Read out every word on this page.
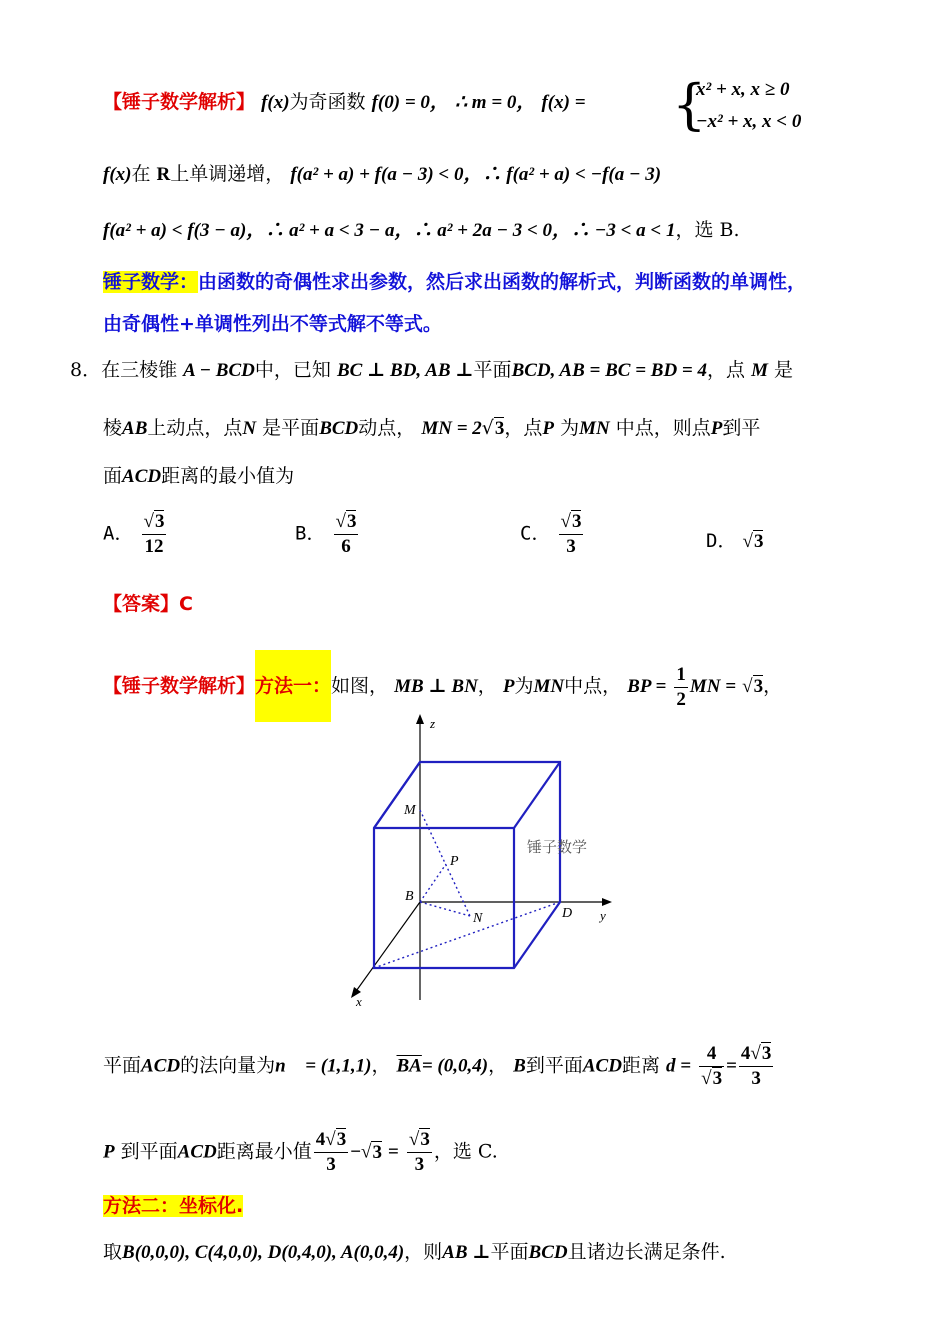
【锤子数学解析】 f(x)为奇函数 f(0) = 0， ∴ m = 0， f(x) = {
x² + x, x ≥ 0
−x² + x, x < 0
f(x)在 R上单调递增， f(a² + a) + f(a − 3) < 0，∴ f(a² + a) < −f(a − 3)
f(a² + a) < f(3 − a)，∴ a² + a < 3 − a，∴ a² + 2a − 3 < 0，∴ −3 < a < 1，选 B.
锤子数学：由函数的奇偶性求出参数，然后求出函数的解析式，判断函数的单调性，
由奇偶性+单调性列出不等式解不等式。
8．在三棱锥 A − BCD中，已知 BC ⊥ BD, AB ⊥平面BCD, AB = BC = BD = 4，点 M 是
棱AB上动点，点N 是平面BCD动点， MN = 2√3，点P 为MN 中点，则点P到平
面ACD距离的最小值为
A． $\frac{√3}{12}$	B． $\frac{√3}{6}$	C． $\frac{√3}{3}$	D． √3
【答案】C
【锤子数学解析】方法一：如图， MB ⊥ BN， P为MN中点， BP = $\frac{1}{2}$ MN = √3，
z
y
x
M
P
B
N	D
锤子数学
平面ACD的法向量为n⃗ = (1,1,1)， $\overline{BA}= (0,0,4)$， B到平面ACD距离 $d = \frac{4}{√3} = \frac{4√3}{3}$
P 到平面ACD距离最小值 $\frac{4√3}{3} -√3 = \frac{√3}{3}$ ，选 C.
方法二：坐标化.
取B(0,0,0), C(4,0,0), D(0,4,0), A(0,0,4)，则AB ⊥平面BCD且诸边长满足条件.
